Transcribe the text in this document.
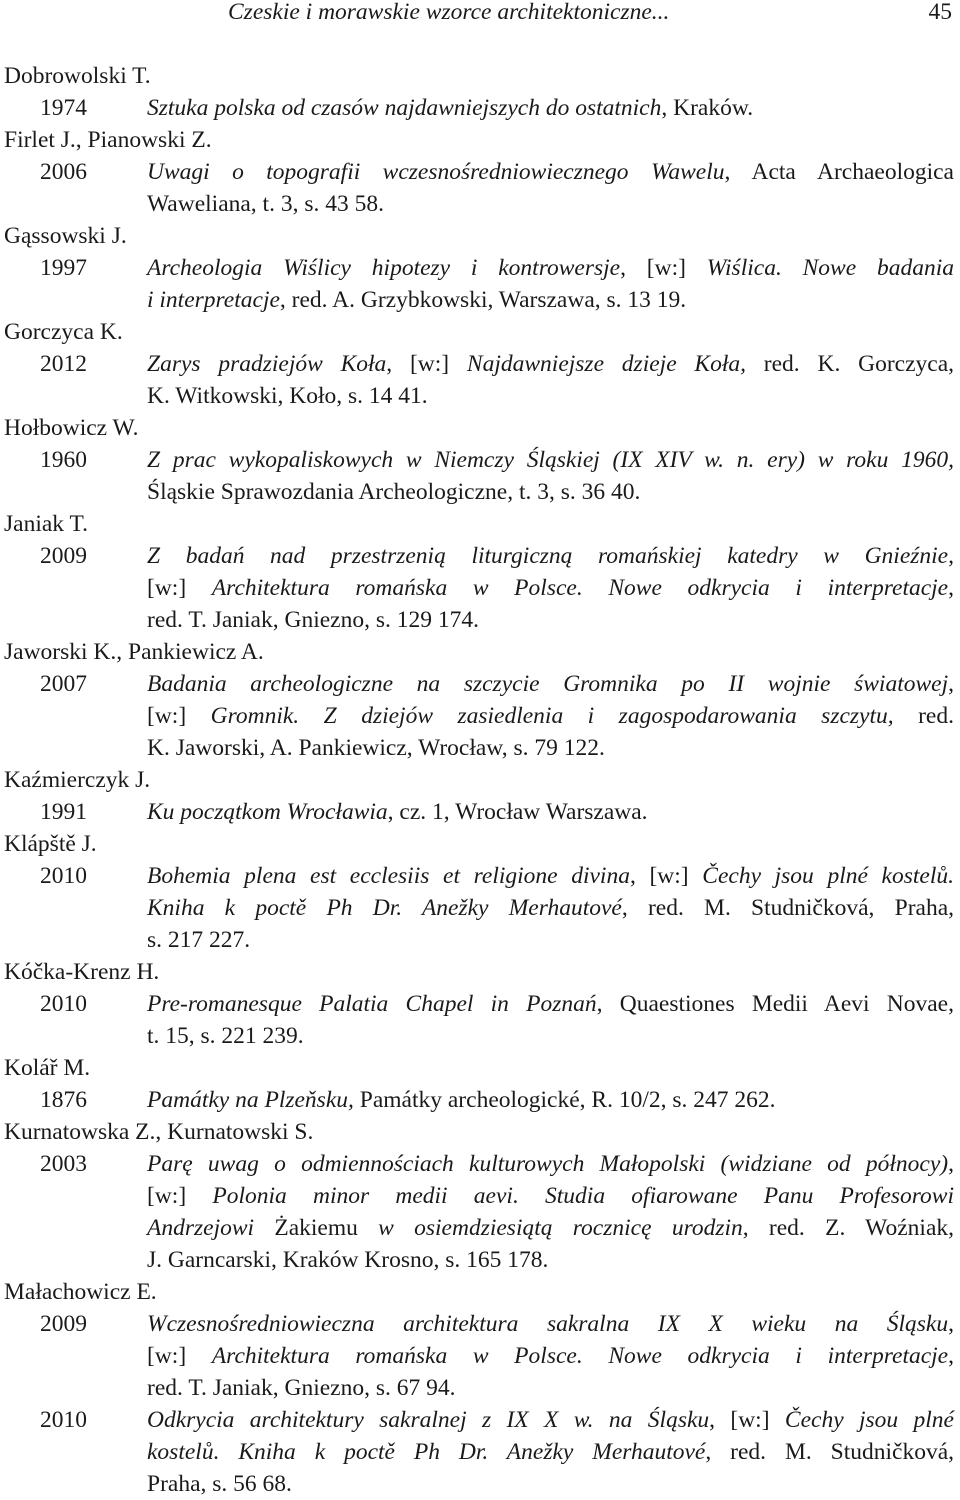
Czeskie i morawskie wzorce architektoniczne...	45
Dobrowolski T.
1974	Sztuka polska od czasów najdawniejszych do ostatnich, Kraków.
Firlet J., Pianowski Z.
2006	Uwagi o topografii wczesnośredniowiecznego Wawelu, Acta Archaeologica
Waweliana, t. 3, s. 43 58.
Gąssowski J.
1997	Archeologia Wiślicy hipotezy i kontrowersje, [w:] Wiślica. Nowe badania
i interpretacje, red. A. Grzybkowski, Warszawa, s. 13 19.
Gorczyca K.
2012	Zarys pradziejów Koła, [w:] Najdawniejsze dzieje Koła, red. K. Gorczyca,
K. Witkowski, Koło, s. 14 41.
Hołbowicz W.
1960	Z prac wykopaliskowych w Niemczy Śląskiej (IX XIV w. n. ery) w roku 1960,
Śląskie Sprawozdania Archeologiczne, t. 3, s. 36 40.
Janiak T.
2009	Z badań nad przestrzenią liturgiczną romańskiej katedry w Gnieźnie,
[w:] Architektura romańska w Polsce. Nowe odkrycia i interpretacje,
red. T. Janiak, Gniezno, s. 129 174.
Jaworski K., Pankiewicz A.
2007	Badania archeologiczne na szczycie Gromnika po II wojnie światowej,
[w:] Gromnik. Z dziejów zasiedlenia i zagospodarowania szczytu, red.
K. Jaworski, A. Pankiewicz, Wrocław, s. 79 122.
Kaźmierczyk J.
1991	Ku początkom Wrocławia, cz. 1, Wrocław Warszawa.
Klápště J.
2010	Bohemia plena est ecclesiis et religione divina, [w:] Čechy jsou plné kostelů.
Kniha k poctě Ph Dr. Anežky Merhautové, red. M. Studničková, Praha,
s. 217 227.
Kóčka-Krenz H.
2010	Pre-romanesque Palatia Chapel in Poznań, Quaestiones Medii Aevi Novae,
t. 15, s. 221 239.
Kolář M.
1876	Památky na Plzeňsku, Památky archeologické, R. 10/2, s. 247 262.
Kurnatowska Z., Kurnatowski S.
2003	Parę uwag o odmiennościach kulturowych Małopolski (widziane od północy),
[w:] Polonia minor medii aevi. Studia ofiarowane Panu Profesorowi
Andrzejowi Żakiemu w osiemdziesiątą rocznicę urodzin, red. Z. Woźniak,
J. Garncarski, Kraków Krosno, s. 165 178.
Małachowicz E.
2009	Wczesnośredniowieczna architektura sakralna IX X wieku na Śląsku,
[w:] Architektura romańska w Polsce. Nowe odkrycia i interpretacje,
red. T. Janiak, Gniezno, s. 67 94.
2010	Odkrycia architektury sakralnej z IX X w. na Śląsku, [w:] Čechy jsou plné
kostelů. Kniha k poctě Ph Dr. Anežky Merhautové, red. M. Studničková,
Praha, s. 56 68.
